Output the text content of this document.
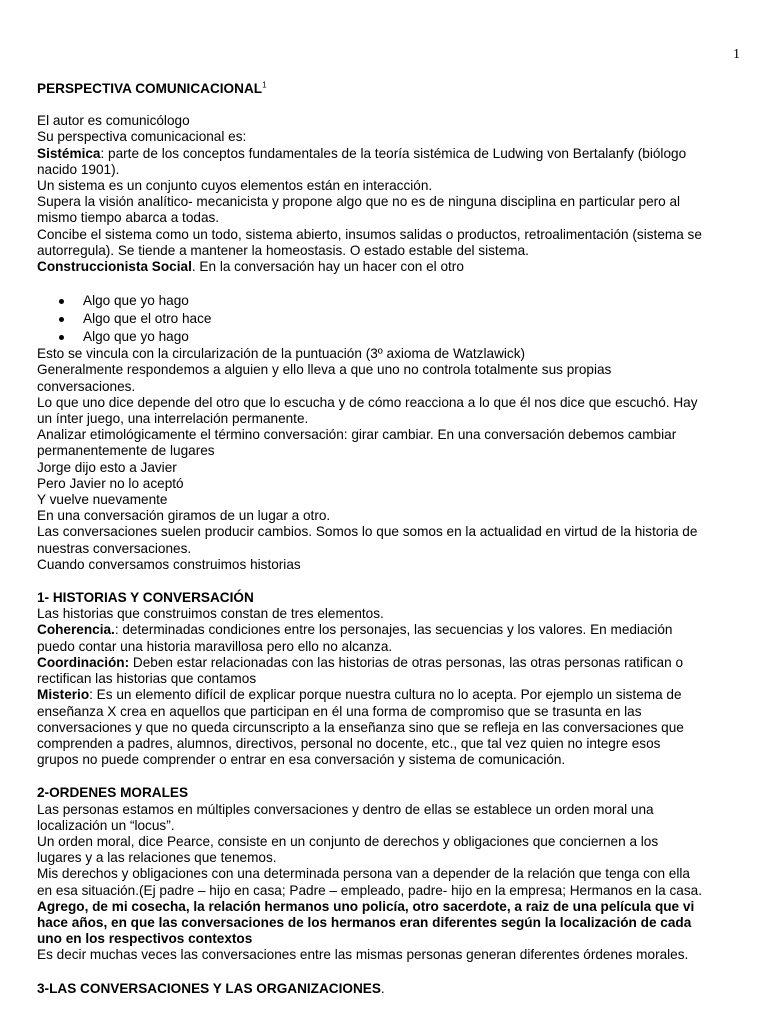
1

PERSPECTIVA COMUNICACIONAL$^1$

El autor es comunicólogo

Su perspectiva comunicacional es:

Sistémica: parte de los conceptos fundamentales de la teoría sistémica de Ludwing von Bertalanfy (biólogo

nacido 1901).

Un sistema es un conjunto cuyos elementos están en interacción.

Supera la visión analítico- mecanicista y propone algo que no es de ninguna disciplina en particular pero al

mismo tiempo abarca a todas.

Concibe el sistema como un todo, sistema abierto, insumos salidas o productos, retroalimentación (sistema se

autorregula). Se tiende a mantener la homeostasis. O estado estable del sistema.

Construccionista Social. En la conversación hay un hacer con el otro

Algo que yo hago
Algo que el otro hace
Algo que yo hago

Esto se vincula con la circularización de la puntuación (3º axioma de Watzlawick)

Generalmente respondemos a alguien y ello lleva a que uno no controla totalmente sus propias

conversaciones.

Lo que uno dice depende del otro que lo escucha y de cómo reacciona a lo que él nos dice que escuchó. Hay

un ínter juego, una interrelación permanente.

Analizar etimológicamente el término conversación: girar cambiar. En una conversación debemos cambiar

permanentemente de lugares

Jorge dijo esto a Javier

Pero Javier no lo aceptó

Y vuelve nuevamente

En una conversación giramos de un lugar a otro.

Las conversaciones suelen producir cambios. Somos lo que somos en la actualidad en virtud de la historia de

nuestras conversaciones.

Cuando conversamos construimos historias

1- HISTORIAS Y CONVERSACIÓN

Las historias que construimos constan de tres elementos.

Coherencia.: determinadas condiciones entre los personajes, las secuencias y los valores. En mediación

puedo contar una historia maravillosa pero ello no alcanza.

Coordinación: Deben estar relacionadas con las historias de otras personas, las otras personas ratifican o

rectifican las historias que contamos

Misterio: Es un elemento difícil de explicar porque nuestra cultura no lo acepta. Por ejemplo un sistema de

enseñanza X crea en aquellos que participan en él una forma de compromiso que se trasunta en las

conversaciones y que no queda circunscripto a la enseñanza sino que se refleja en las conversaciones que

comprenden a padres, alumnos, directivos, personal no docente, etc., que tal vez quien no integre esos

grupos no puede comprender o entrar en esa conversación y sistema de comunicación.

2-ORDENES MORALES

Las personas estamos en múltiples conversaciones y dentro de ellas se establece un orden moral una

localización un “locus”.

Un orden moral, dice Pearce, consiste en un conjunto de derechos y obligaciones que conciernen a los

lugares y a las relaciones que tenemos.

Mis derechos y obligaciones con una determinada persona van a depender de la relación que tenga con ella

en esa situación.(Ej padre – hijo en casa; Padre – empleado, padre- hijo en la empresa; Hermanos en la casa.

Agrego, de mi cosecha, la relación hermanos uno policía, otro sacerdote, a raiz de una película que vi

hace años, en que las conversaciones de los hermanos eran diferentes según la localización de cada

uno en los respectivos contextos

Es decir muchas veces las conversaciones entre las mismas personas generan diferentes órdenes morales.

3-LAS CONVERSACIONES Y LAS ORGANIZACIONES.
